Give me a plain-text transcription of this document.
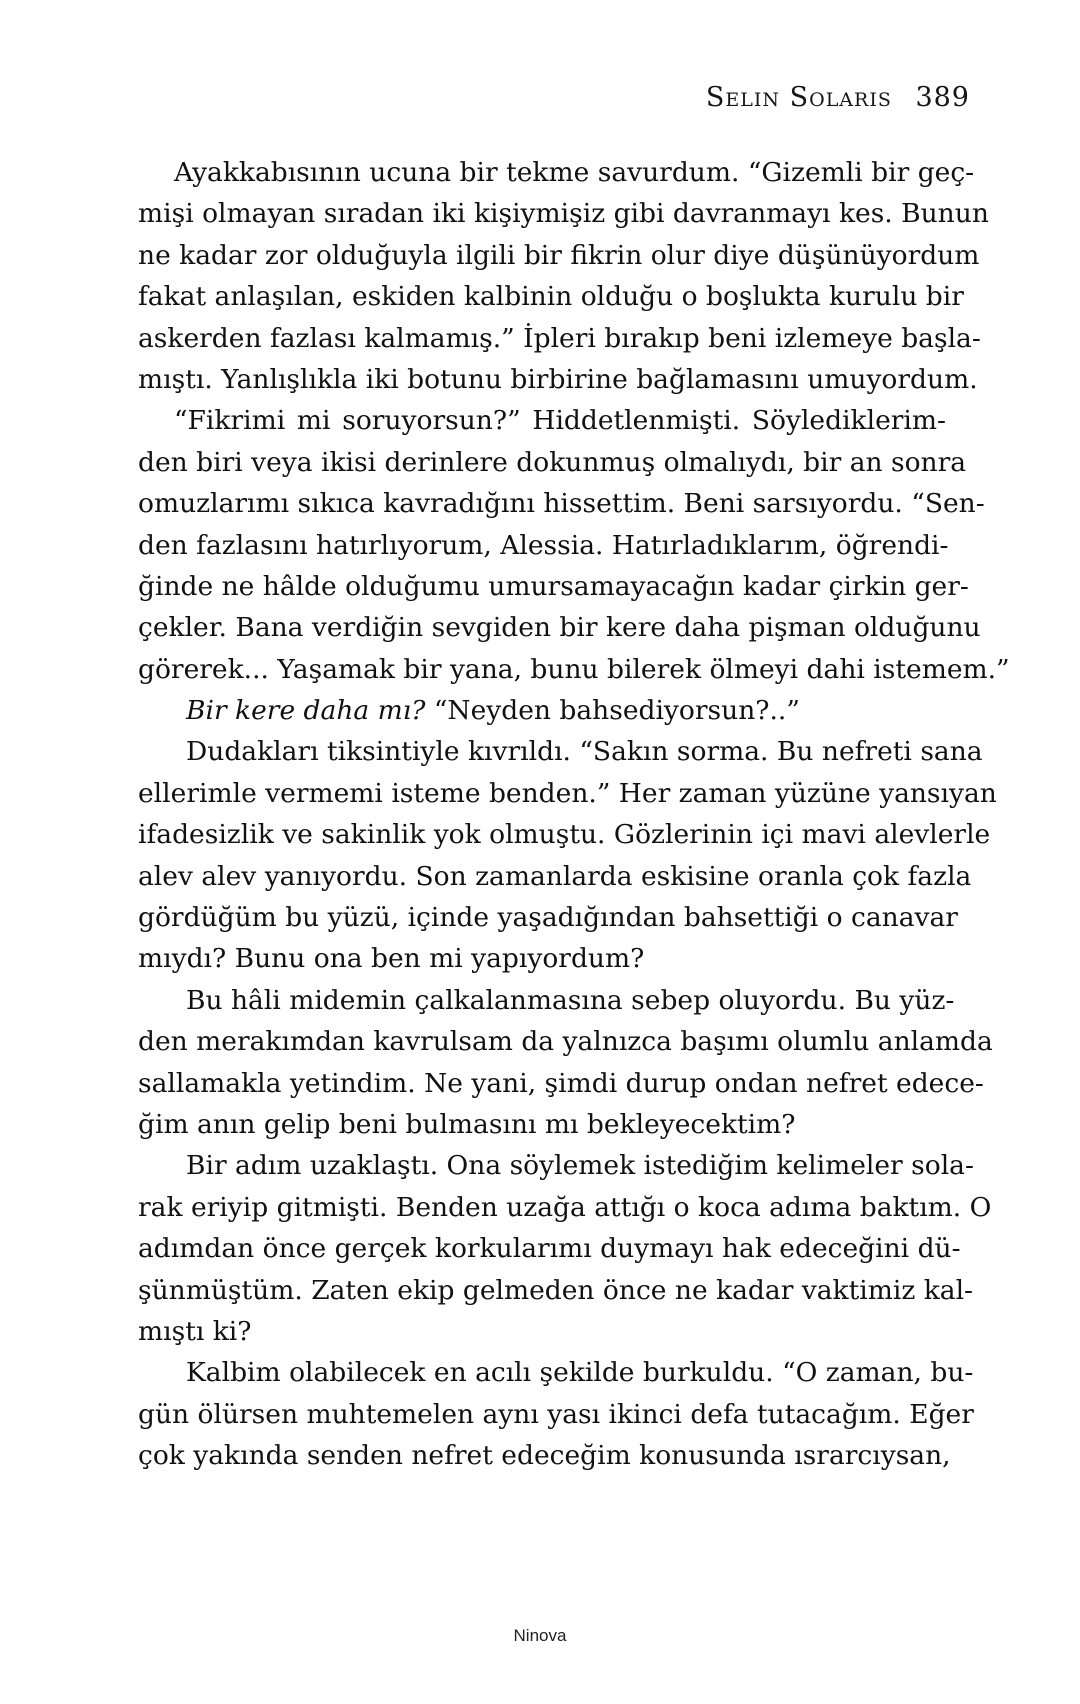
Selin Solaris 389
Ayakkabısının ucuna bir tekme savurdum. “Gizemli bir geç-
mişi olmayan sıradan iki kişiymişiz gibi davranmayı kes. Bunun
ne kadar zor olduğuyla ilgili bir fikrin olur diye düşünüyordum
fakat anlaşılan, eskiden kalbinin olduğu o boşlukta kurulu bir
askerden fazlası kalmamış.” İpleri bırakıp beni izlemeye başla-
mıştı. Yanlışlıkla iki botunu birbirine bağlamasını umuyordum.
“Fikrimi mi soruyorsun?” Hiddetlenmişti. Söylediklerim-
den biri veya ikisi derinlere dokunmuş olmalıydı, bir an sonra
omuzlarımı sıkıca kavradığını hissettim. Beni sarsıyordu. “Sen-
den fazlasını hatırlıyorum, Alessia. Hatırladıklarım, öğrendi-
ğinde ne hâlde olduğumu umursamayacağın kadar çirkin ger-
çekler. Bana verdiğin sevgiden bir kere daha pişman olduğunu
görerek... Yaşamak bir yana, bunu bilerek ölmeyi dahi istemem.”
Bir kere daha mı? “Neyden bahsediyorsun?..”
Dudakları tiksintiyle kıvrıldı. “Sakın sorma. Bu nefreti sana
ellerimle vermemi isteme benden.” Her zaman yüzüne yansıyan
ifadesizlik ve sakinlik yok olmuştu. Gözlerinin içi mavi alevlerle
alev alev yanıyordu. Son zamanlarda eskisine oranla çok fazla
gördüğüm bu yüzü, içinde yaşadığından bahsettiği o canavar
mıydı? Bunu ona ben mi yapıyordum?
Bu hâli midemin çalkalanmasına sebep oluyordu. Bu yüz-
den merakımdan kavrulsam da yalnızca başımı olumlu anlamda
sallamakla yetindim. Ne yani, şimdi durup ondan nefret edece-
ğim anın gelip beni bulmasını mı bekleyecektim?
Bir adım uzaklaştı. Ona söylemek istediğim kelimeler sola-
rak eriyip gitmişti. Benden uzağa attığı o koca adıma baktım. O
adımdan önce gerçek korkularımı duymayı hak edeceğini dü-
şünmüştüm. Zaten ekip gelmeden önce ne kadar vaktimiz kal-
mıştı ki?
Kalbim olabilecek en acılı şekilde burkuldu. “O zaman, bu-
gün ölürsen muhtemelen aynı yası ikinci defa tutacağım. Eğer
çok yakında senden nefret edeceğim konusunda ısrarcıysan,
Ninova
